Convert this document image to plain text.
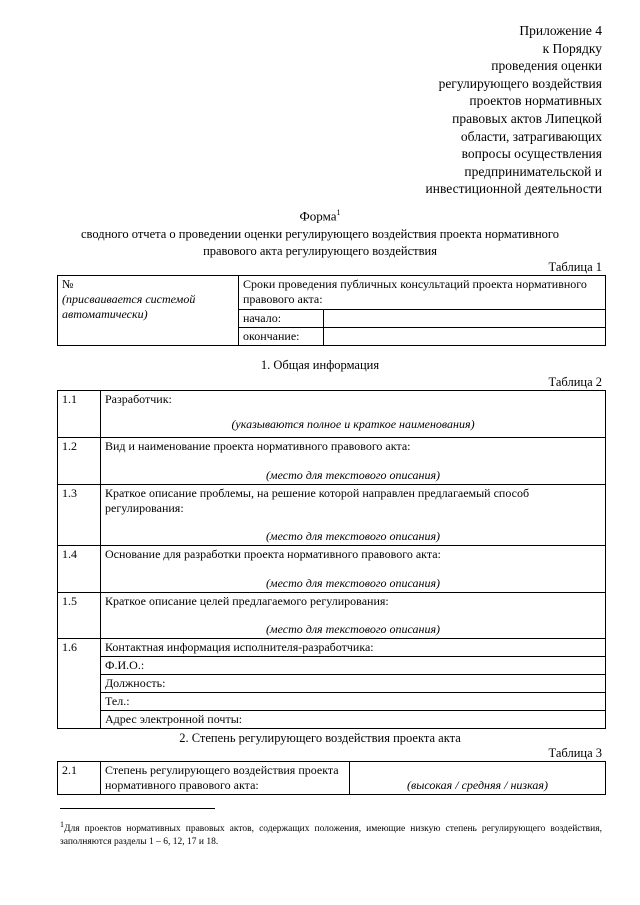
Приложение 4
к Порядку
проведения оценки
регулирующего воздействия
проектов нормативных
правовых актов Липецкой
области, затрагивающих
вопросы осуществления
предпринимательской и
инвестиционной деятельности
Форма$^1$
сводного отчета о проведении оценки регулирующего воздействия проекта нормативного
правового акта регулирующего воздействия
Таблица 1
№
(присваивается системой автоматически)	Сроки проведения публичных консультаций проекта нормативного правового акта:	
	начало:	
	окончание:	
1. Общая информация
Таблица 2
1.1	Разработчик:
(указываются полное и краткое наименования)

1.2	Вид и наименование проекта нормативного правового акта:
(место для текстового описания)

1.3	Краткое описание проблемы, на решение которой направлен предлагаемый способ регулирования:
(место для текстового описания)

1.4	Основание для разработки проекта нормативного правового акта:
(место для текстового описания)

1.5	Краткое описание целей предлагаемого регулирования:
(место для текстового описания)

1.6	Контактная информация исполнителя-разработчика:
	Ф.И.О.:
	Должность:
	Тел.:
	Адрес электронной почты:
2. Степень регулирующего воздействия проекта акта
Таблица 3
2.1	Степень регулирующего воздействия проекта нормативного правового акта:	(высокая / средняя / низкая)
$^1$Для проектов нормативных правовых актов, содержащих положения, имеющие низкую степень регулирующего воздействия, заполняются разделы 1 – 6, 12, 17 и 18.
